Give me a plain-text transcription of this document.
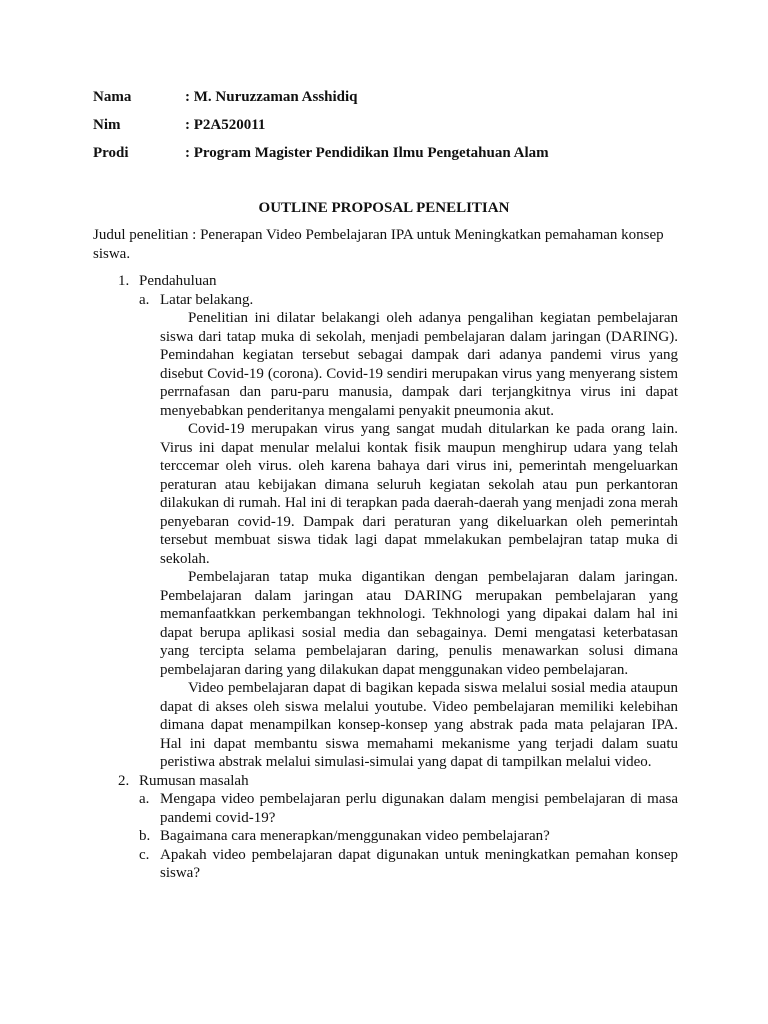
Nama	: M. Nuruzzaman Asshidiq
Nim	: P2A520011
Prodi	: Program Magister Pendidikan Ilmu Pengetahuan Alam
OUTLINE PROPOSAL PENELITIAN
Judul penelitian : Penerapan Video Pembelajaran IPA untuk Meningkatkan pemahaman konsep siswa.
1. Pendahuluan
a. Latar belakang.
Penelitian ini dilatar belakangi oleh adanya pengalihan kegiatan pembelajaran siswa dari tatap muka di sekolah, menjadi pembelajaran dalam jaringan (DARING). Pemindahan kegiatan tersebut sebagai dampak dari adanya pandemi virus yang disebut Covid-19 (corona). Covid-19 sendiri merupakan virus yang menyerang sistem perrnafasan dan paru-paru manusia, dampak dari terjangkitnya virus ini dapat menyebabkan penderitanya mengalami penyakit pneumonia akut.
Covid-19 merupakan virus yang sangat mudah ditularkan ke pada orang lain. Virus ini dapat menular melalui kontak fisik maupun menghirup udara yang telah terccemar oleh virus. oleh karena bahaya dari virus ini, pemerintah mengeluarkan peraturan atau kebijakan dimana seluruh kegiatan sekolah atau pun perkantoran dilakukan di rumah. Hal ini di terapkan pada daerah-daerah yang menjadi zona merah penyebaran covid-19. Dampak dari peraturan yang dikeluarkan oleh pemerintah tersebut membuat siswa tidak lagi dapat mmelakukan pembelajran tatap muka di sekolah.
Pembelajaran tatap muka digantikan dengan pembelajaran dalam jaringan. Pembelajaran dalam jaringan atau DARING merupakan pembelajaran yang memanfaatkkan perkembangan tekhnologi. Tekhnologi yang dipakai dalam hal ini dapat berupa aplikasi sosial media dan sebagainya. Demi mengatasi keterbatasan yang tercipta selama pembelajaran daring, penulis menawarkan solusi dimana pembelajaran daring yang dilakukan dapat menggunakan video pembelajaran.
Video pembelajaran dapat di bagikan kepada siswa melalui sosial media ataupun dapat di akses oleh siswa melalui youtube. Video pembelajaran memiliki kelebihan dimana dapat menampilkan konsep-konsep yang abstrak pada mata pelajaran IPA. Hal ini dapat membantu siswa memahami mekanisme yang terjadi dalam suatu peristiwa abstrak melalui simulasi-simulai yang dapat di tampilkan melalui video.
2. Rumusan masalah
a. Mengapa video pembelajaran perlu digunakan dalam mengisi pembelajaran di masa pandemi covid-19?
b. Bagaimana cara menerapkan/menggunakan video pembelajaran?
c. Apakah video pembelajaran dapat digunakan untuk meningkatkan pemahan konsep siswa?
